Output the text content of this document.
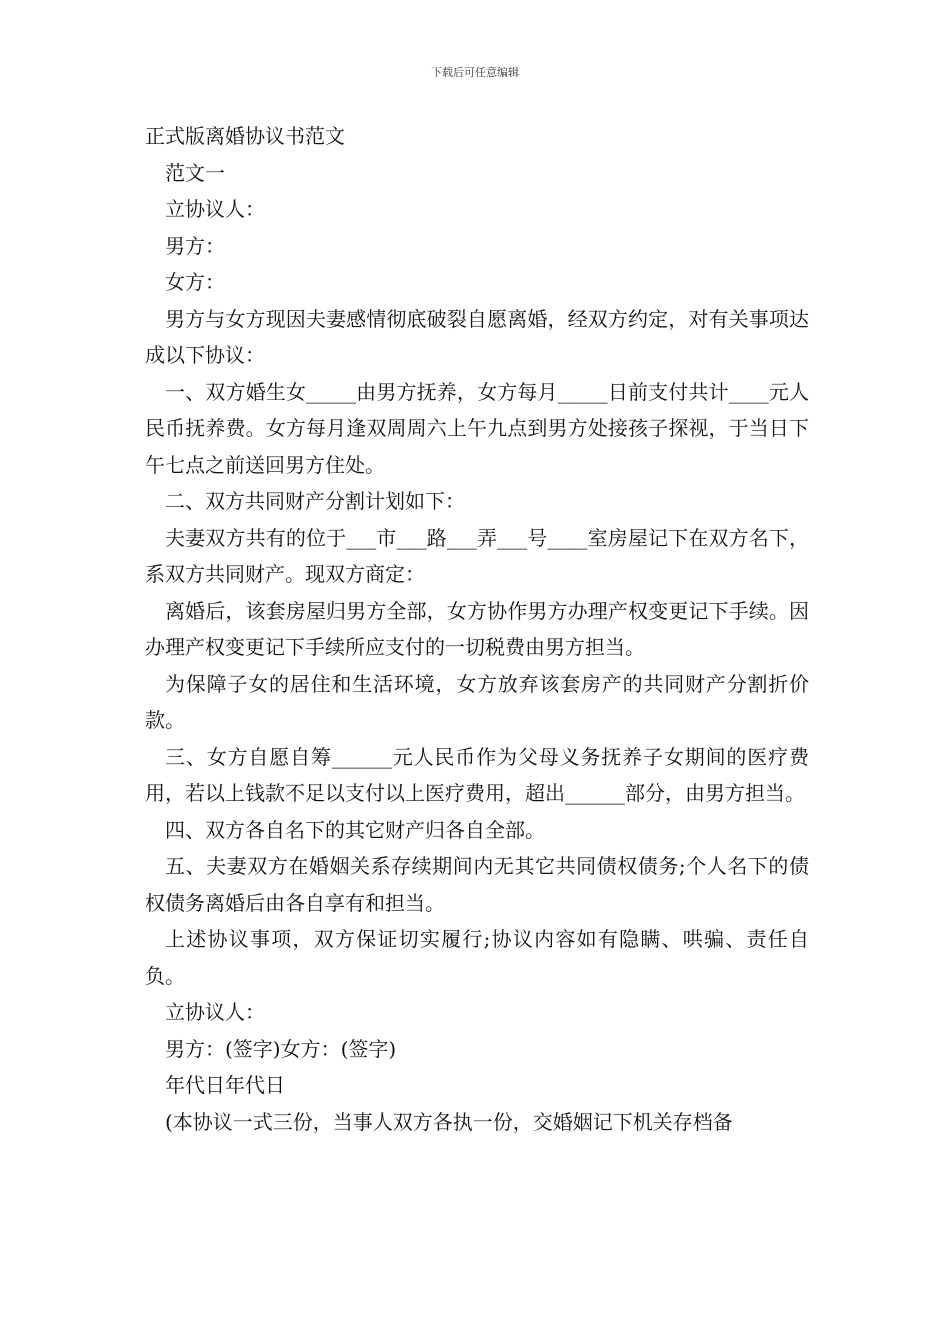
下载后可任意编辑

正式版离婚协议书范文

范文一

立协议人：

男方：

女方：

男方与女方现因夫妻感情彻底破裂自愿离婚，经双方约定，对有关事项达成以下协议：

一、双方婚生女_____由男方抚养，女方每月_____日前支付共计____元人民币抚养费。女方每月逢双周周六上午九点到男方处接孩子探视，于当日下午七点之前送回男方住处。

二、双方共同财产分割计划如下：

夫妻双方共有的位于___市___路___弄___号____室房屋记下在双方名下，系双方共同财产。现双方商定：

离婚后，该套房屋归男方全部，女方协作男方办理产权变更记下手续。因办理产权变更记下手续所应支付的一切税费由男方担当。

为保障子女的居住和生活环境，女方放弃该套房产的共同财产分割折价款。

三、女方自愿自筹______元人民币作为父母义务抚养子女期间的医疗费用，若以上钱款不足以支付以上医疗费用，超出______部分，由男方担当。

四、双方各自名下的其它财产归各自全部。

五、夫妻双方在婚姻关系存续期间内无其它共同债权债务;个人名下的债权债务离婚后由各自享有和担当。

上述协议事项，双方保证切实履行;协议内容如有隐瞒、哄骗、责任自负。

立协议人：

男方：(签字)女方：(签字)

年代日年代日

(本协议一式三份，当事人双方各执一份，交婚姻记下机关存档备
